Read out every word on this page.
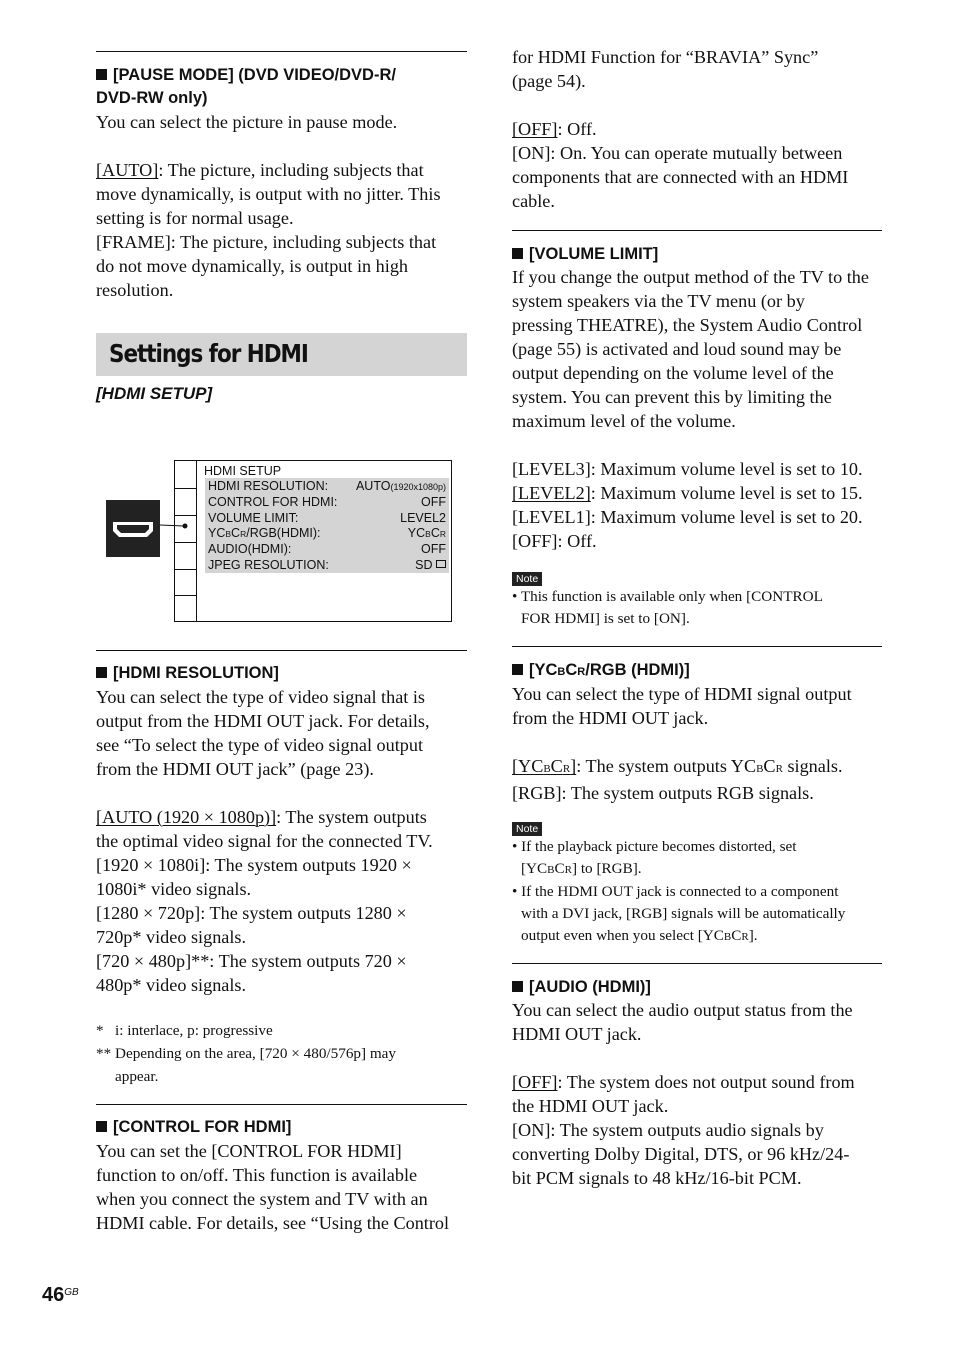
[PAUSE MODE] (DVD VIDEO/DVD-R/
DVD-RW only)
You can select the picture in pause mode.
[AUTO]: The picture, including subjects that
move dynamically, is output with no jitter. This
setting is for normal usage.
[FRAME]: The picture, including subjects that
do not move dynamically, is output in high
resolution.
Settings for HDMI
[HDMI SETUP]
[HDMI RESOLUTION]
You can select the type of video signal that is
output from the HDMI OUT jack. For details,
see “To select the type of video signal output
from the HDMI OUT jack” (page 23).
[AUTO (1920 × 1080p)]: The system outputs
the optimal video signal for the connected TV.
[1920 × 1080i]: The system outputs 1920 ×
1080i* video signals.
[1280 × 720p]: The system outputs 1280 ×
720p* video signals.
[720 × 480p]**: The system outputs 720 ×
480p* video signals.
* i: interlace, p: progressive
** Depending on the area, [720 × 480/576p] may
appear.
[CONTROL FOR HDMI]
You can set the [CONTROL FOR HDMI]
function to on/off. This function is available
when you connect the system and TV with an
HDMI cable. For details, see “Using the Control
HDMI SETUP
HDMI RESOLUTION: AUTO(1920x1080p)
CONTROL FOR HDMI:	OFF
VOLUME LIMIT:	LEVEL2
YCBCR/RGB(HDMI):	YCBCR
AUDIO(HDMI):	OFF
JPEG RESOLUTION:	SD
for HDMI Function for “BRAVIA” Sync”
(page 54).
[OFF]: Off.
[ON]: On. You can operate mutually between
components that are connected with an HDMI
cable.
[VOLUME LIMIT]
If you change the output method of the TV to the
system speakers via the TV menu (or by
pressing THEATRE), the System Audio Control
(page 55) is activated and loud sound may be
output depending on the volume level of the
system. You can prevent this by limiting the
maximum level of the volume.
[LEVEL3]: Maximum volume level is set to 10.
[LEVEL2]: Maximum volume level is set to 15.
[LEVEL1]: Maximum volume level is set to 20.
[OFF]: Off.
Note
• This function is available only when [CONTROL
FOR HDMI] is set to [ON].
[YCBCR/RGB (HDMI)]
You can select the type of HDMI signal output
from the HDMI OUT jack.
[YCBCR]: The system outputs YCBCR signals.
[RGB]: The system outputs RGB signals.
Note
• If the playback picture becomes distorted, set
[YCBCR] to [RGB].
• If the HDMI OUT jack is connected to a component
with a DVI jack, [RGB] signals will be automatically
output even when you select [YCBCR].
[AUDIO (HDMI)]
You can select the audio output status from the
HDMI OUT jack.
[OFF]: The system does not output sound from
the HDMI OUT jack.
[ON]: The system outputs audio signals by
converting Dolby Digital, DTS, or 96 kHz/24-
bit PCM signals to 48 kHz/16-bit PCM.
$46^{GB}$
